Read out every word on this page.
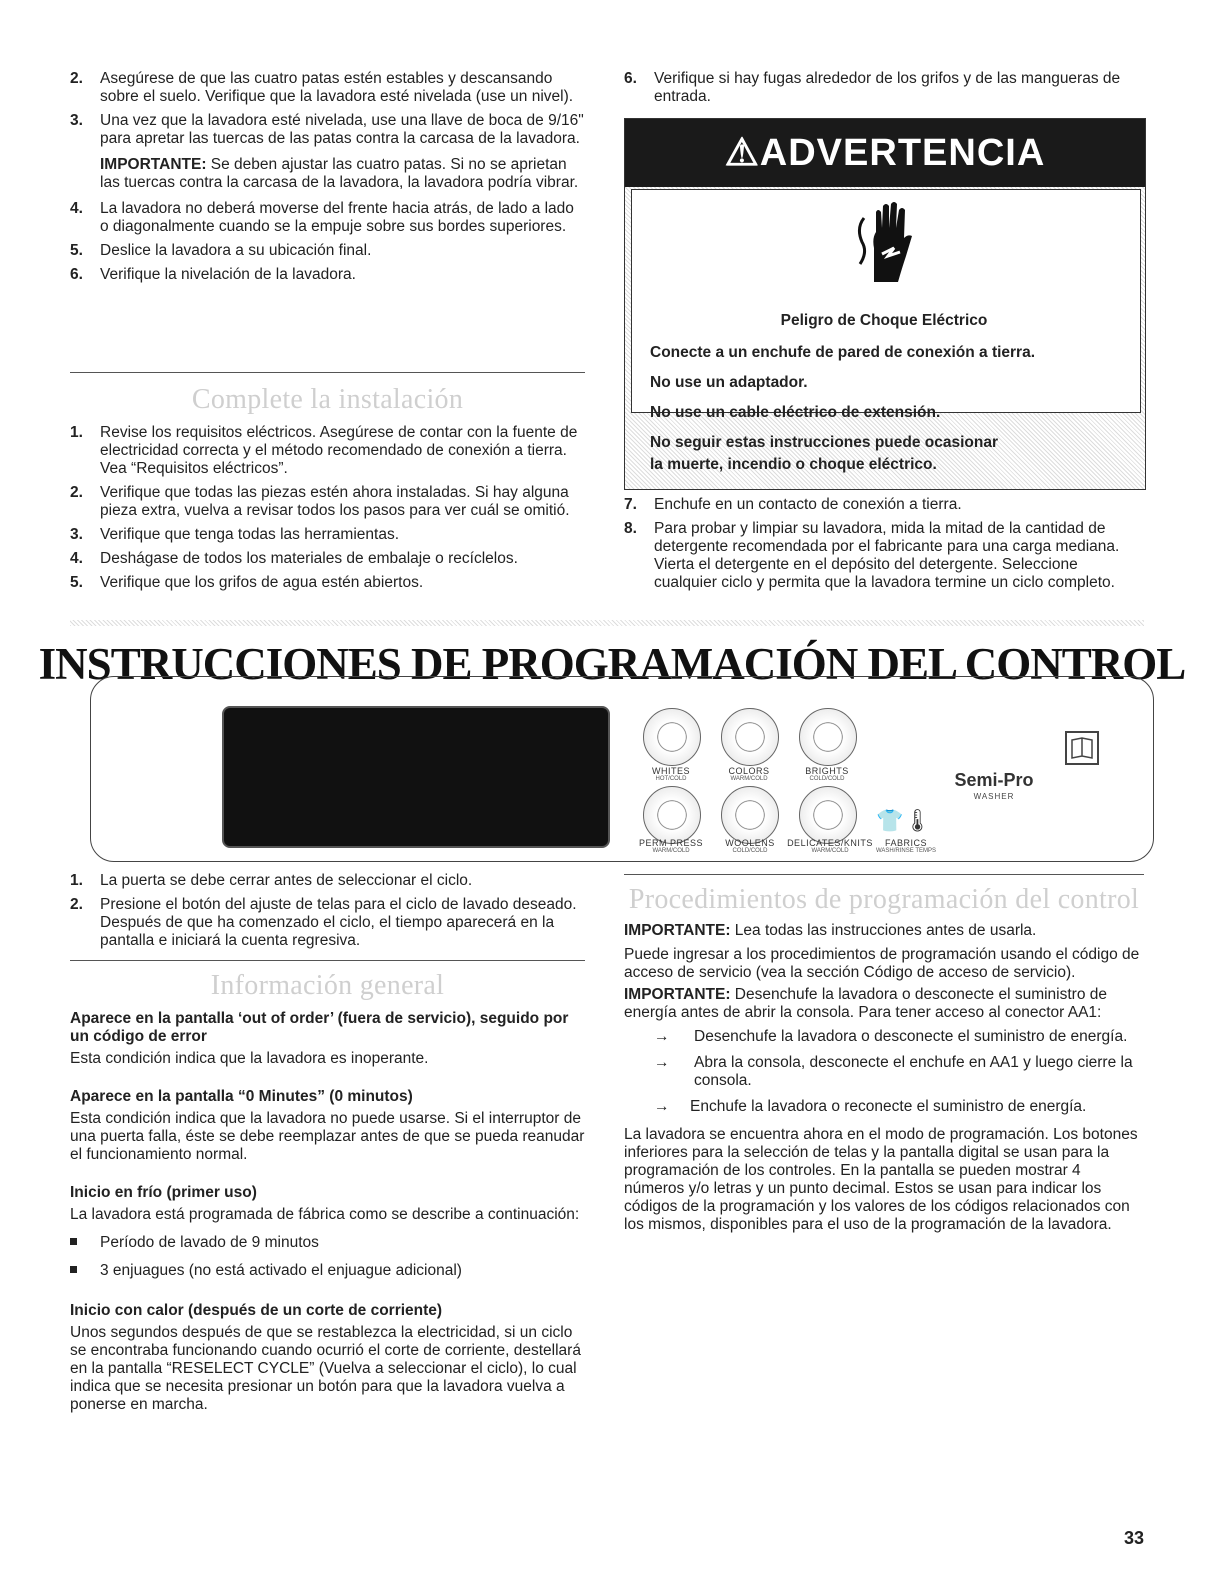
2. Asegúrese de que las cuatro patas estén estables y descansando sobre el suelo. Verifique que la lavadora esté nivelada (use un nivel).
3. Una vez que la lavadora esté nivelada, use una llave de boca de 9/16" para apretar las tuercas de las patas contra la carcasa de la lavadora.
IMPORTANTE: Se deben ajustar las cuatro patas. Si no se aprietan las tuercas contra la carcasa de la lavadora, la lavadora podría vibrar.
4. La lavadora no deberá moverse del frente hacia atrás, de lado a lado o diagonalmente cuando se la empuje sobre sus bordes superiores.
5. Deslice la lavadora a su ubicación final.
6. Verifique la nivelación de la lavadora.
Complete la instalación
1. Revise los requisitos eléctricos. Asegúrese de contar con la fuente de electricidad correcta y el método recomendado de conexión a tierra. Vea “Requisitos eléctricos”.
2. Verifique que todas las piezas estén ahora instaladas. Si hay alguna pieza extra, vuelva a revisar todos los pasos para ver cuál se omitió.
3. Verifique que tenga todas las herramientas.
4. Deshágase de todos los materiales de embalaje o recíclelos.
5. Verifique que los grifos de agua estén abiertos.
6. Verifique si hay fugas alrededor de los grifos y de las mangueras de entrada.
⚠ADVERTENCIA
Peligro de Choque Eléctrico
Conecte a un enchufe de pared de conexión a tierra.
No use un adaptador.
No use un cable eléctrico de extensión.
No seguir estas instrucciones puede ocasionar
la muerte, incendio o choque eléctrico.
7. Enchufe en un contacto de conexión a tierra.
8. Para probar y limpiar su lavadora, mida la mitad de la cantidad de detergente recomendada por el fabricante para una carga mediana. Vierta el detergente en el depósito del detergente. Seleccione cualquier ciclo y permita que la lavadora termine un ciclo completo.
INSTRUCCIONES DE PROGRAMACIÓN DEL CONTROL
WHITES
HOT/COLD
COLORS
WARM/COLD
BRIGHTS
COLD/COLD
PERM PRESS
WARM/COLD
WOOLENS
COLD/COLD
DELICATES/KNITS
WARM/COLD
👕🌡
FABRICS
WASH/RINSE TEMPS
Semi-Pro
WASHER
1. La puerta se debe cerrar antes de seleccionar el ciclo.
2. Presione el botón del ajuste de telas para el ciclo de lavado deseado. Después de que ha comenzado el ciclo, el tiempo aparecerá en la pantalla e iniciará la cuenta regresiva.
Información general
Aparece en la pantalla ‘out of order’ (fuera de servicio), seguido por un código de error
Esta condición indica que la lavadora es inoperante.
Aparece en la pantalla “0 Minutes” (0 minutos)
Esta condición indica que la lavadora no puede usarse. Si el interruptor de una puerta falla, éste se debe reemplazar antes de que se pueda reanudar el funcionamiento normal.
Inicio en frío (primer uso)
La lavadora está programada de fábrica como se describe a continuación:
Período de lavado de 9 minutos
3 enjuagues (no está activado el enjuague adicional)
Inicio con calor (después de un corte de corriente)
Unos segundos después de que se restablezca la electricidad, si un ciclo se encontraba funcionando cuando ocurrió el corte de corriente, destellará en la pantalla “RESELECT CYCLE” (Vuelva a seleccionar el ciclo), lo cual indica que se necesita presionar un botón para que la lavadora vuelva a ponerse en marcha.
Procedimientos de programación del control
IMPORTANTE: Lea todas las instrucciones antes de usarla.
Puede ingresar a los procedimientos de programación usando el código de acceso de servicio (vea la sección Código de acceso de servicio).
IMPORTANTE: Desenchufe la lavadora o desconecte el suministro de energía antes de abrir la consola. Para tener acceso al conector AA1:
→ Desenchufe la lavadora o desconecte el suministro de energía.
→ Abra la consola, desconecte el enchufe en AA1 y luego cierre la consola.
→ Enchufe la lavadora o reconecte el suministro de energía.
La lavadora se encuentra ahora en el modo de programación. Los botones inferiores para la selección de telas y la pantalla digital se usan para la programación de los controles. En la pantalla se pueden mostrar 4 números y/o letras y un punto decimal. Estos se usan para indicar los códigos de la programación y los valores de los códigos relacionados con los mismos, disponibles para el uso de la programación de la lavadora.
33
